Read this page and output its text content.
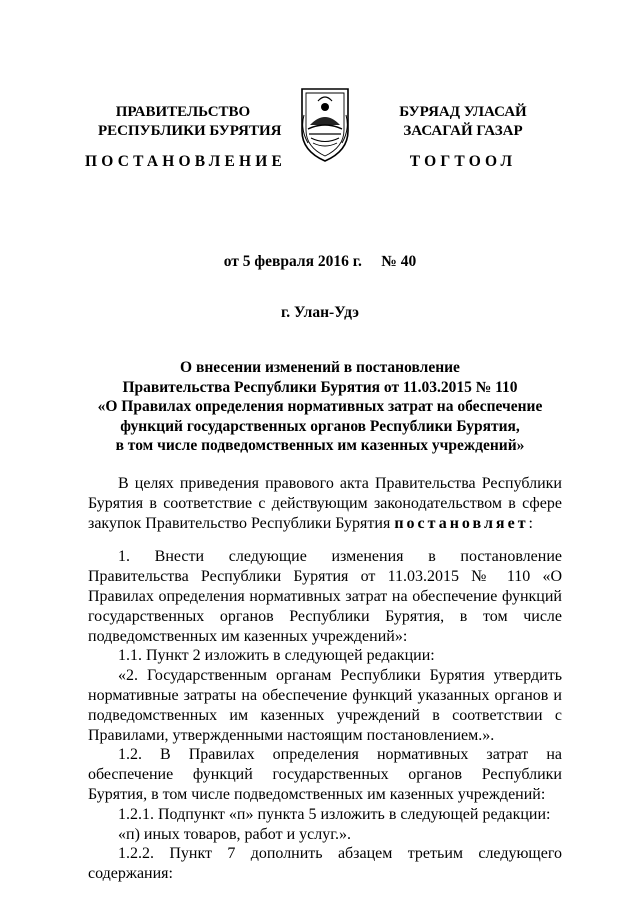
ПРАВИТЕЛЬСТВО
РЕСПУБЛИКИ БУРЯТИЯ
ПОСТАНОВЛЕНИЕ
БУРЯАД УЛАСАЙ
ЗАСАГАЙ ГАЗАР
ТОГТООЛ
от 5 февраля 2016 г.     № 40
г. Улан-Удэ
О внесении изменений в постановление
Правительства Республики Бурятия от 11.03.2015 № 110
«О Правилах определения нормативных затрат на обеспечение
функций государственных органов Республики Бурятия,
в том числе подведомственных им казенных учреждений»

В целях приведения правового акта Правительства Республики Бурятия в соответствие с действующим законодательством в сфере закупок Правительство Республики Бурятия постановляет:

1. Внести следующие изменения в постановление Правительства Республики Бурятия от 11.03.2015 № 110 «О Правилах определения нормативных затрат на обеспечение функций государственных органов Республики Бурятия, в том числе подведомственных им казенных учреждений»:

1.1. Пункт 2 изложить в следующей редакции:

«2. Государственным органам Республики Бурятия утвердить нормативные затраты на обеспечение функций указанных органов и подведомственных им казенных учреждений в соответствии с Правилами, утвержденными настоящим постановлением.».

1.2. В Правилах определения нормативных затрат на обеспечение функций государственных органов Республики Бурятия, в том числе подведомственных им казенных учреждений:

1.2.1. Подпункт «п» пункта 5 изложить в следующей редакции:

«п) иных товаров, работ и услуг.».

1.2.2. Пункт 7 дополнить абзацем третьим следующего содержания:
